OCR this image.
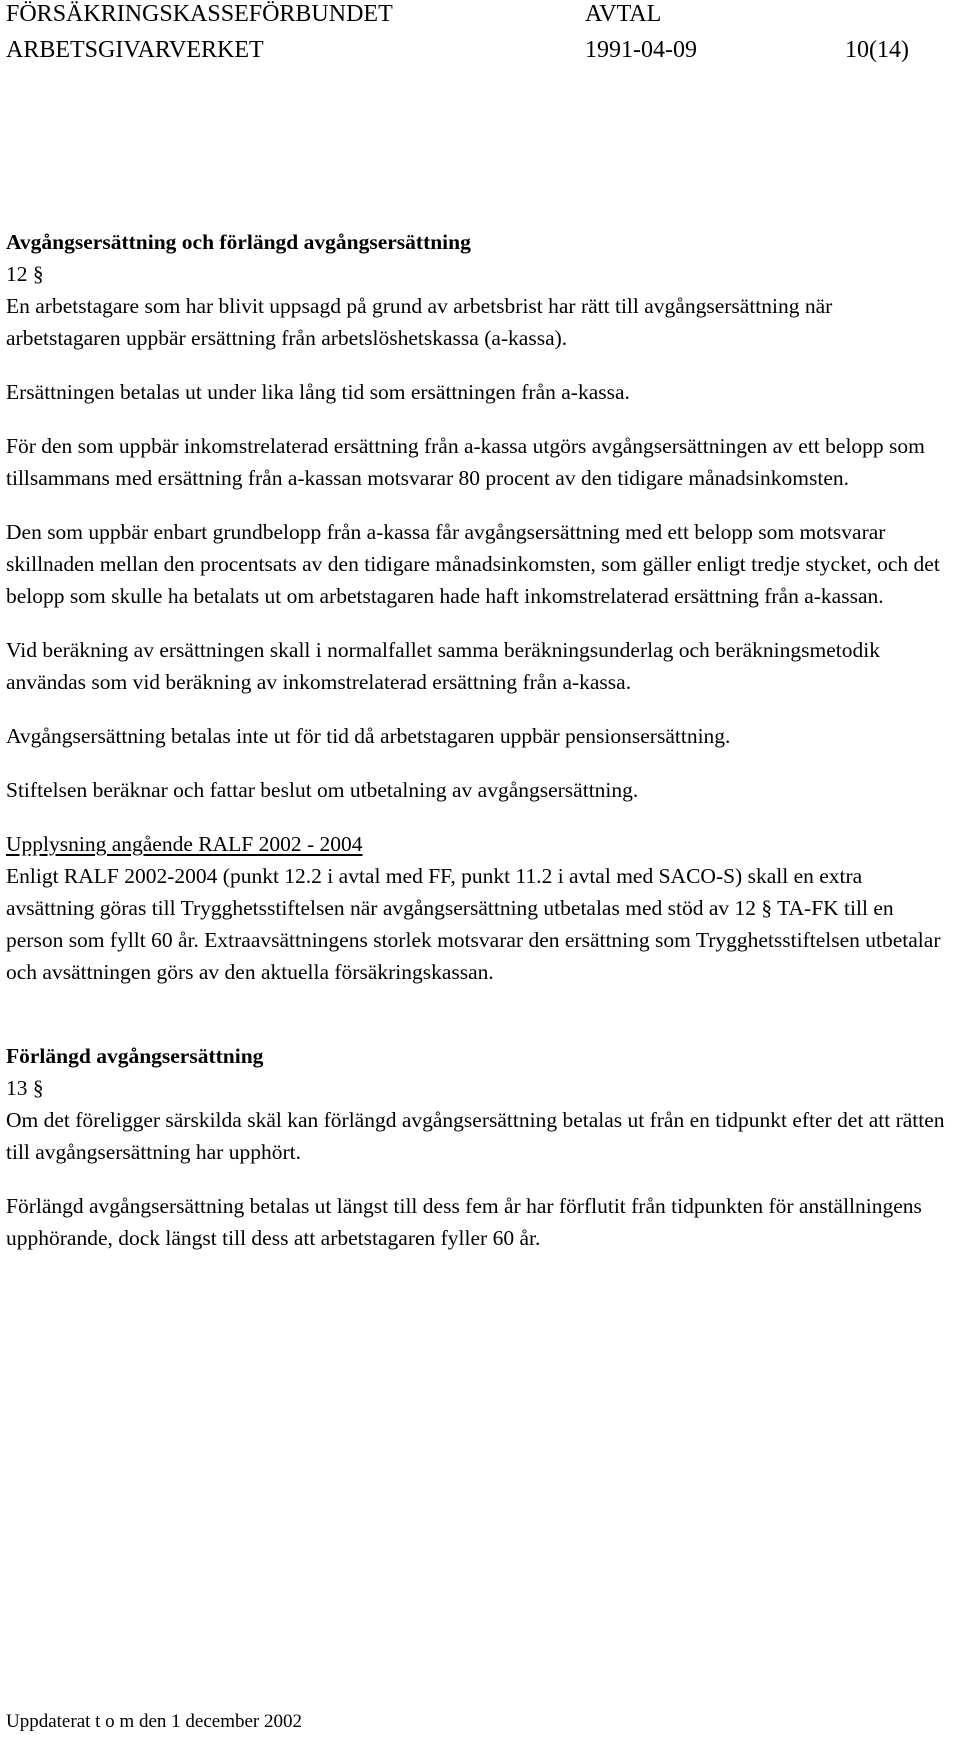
FÖRSÄKRINGSKASSEFÖRBUNDET	AVTAL
ARBETSGIVARVERKET	1991-04-09	10(14)

Avgångsersättning och förlängd avgångsersättning

12 §

En arbetstagare som har blivit uppsagd på grund av arbetsbrist har rätt till avgångsersättning när arbetstagaren uppbär ersättning från arbetslöshetskassa (a-kassa).

Ersättningen betalas ut under lika lång tid som ersättningen från a-kassa.

För den som uppbär inkomstrelaterad ersättning från a-kassa utgörs avgångsersättningen av ett belopp som tillsammans med ersättning från a-kassan motsvarar 80 procent av den tidigare månadsinkomsten.

Den som uppbär enbart grundbelopp från a-kassa får avgångsersättning med ett belopp som motsvarar skillnaden mellan den procentsats av den tidigare månadsinkomsten, som gäller enligt tredje stycket, och det belopp som skulle ha betalats ut om arbetstagaren hade haft inkomstrelaterad ersättning från a-kassan.

Vid beräkning av ersättningen skall i normalfallet samma beräkningsunderlag och beräkningsmetodik användas som vid beräkning av inkomstrelaterad ersättning från a-kassa.

Avgångsersättning betalas inte ut för tid då arbetstagaren uppbär pensionsersättning.

Stiftelsen beräknar och fattar beslut om utbetalning av avgångsersättning.

Upplysning angående RALF 2002 - 2004

Enligt RALF 2002-2004 (punkt 12.2 i avtal med FF, punkt 11.2 i avtal med SACO-S) skall en extra avsättning göras till Trygghetsstiftelsen när avgångsersättning utbetalas med stöd av 12 § TA-FK till en person som fyllt 60 år. Extraavsättningens storlek motsvarar den ersättning som Trygghetsstiftelsen utbetalar och avsättningen görs av den aktuella försäkringskassan.

Förlängd avgångsersättning

13 §

Om det föreligger särskilda skäl kan förlängd avgångsersättning betalas ut från en tidpunkt efter det att rätten till avgångsersättning har upphört.

Förlängd avgångsersättning betalas ut längst till dess fem år har förflutit från tidpunkten för anställningens upphörande, dock längst till dess att arbetstagaren fyller 60 år.

Uppdaterat t o m den 1 december 2002
